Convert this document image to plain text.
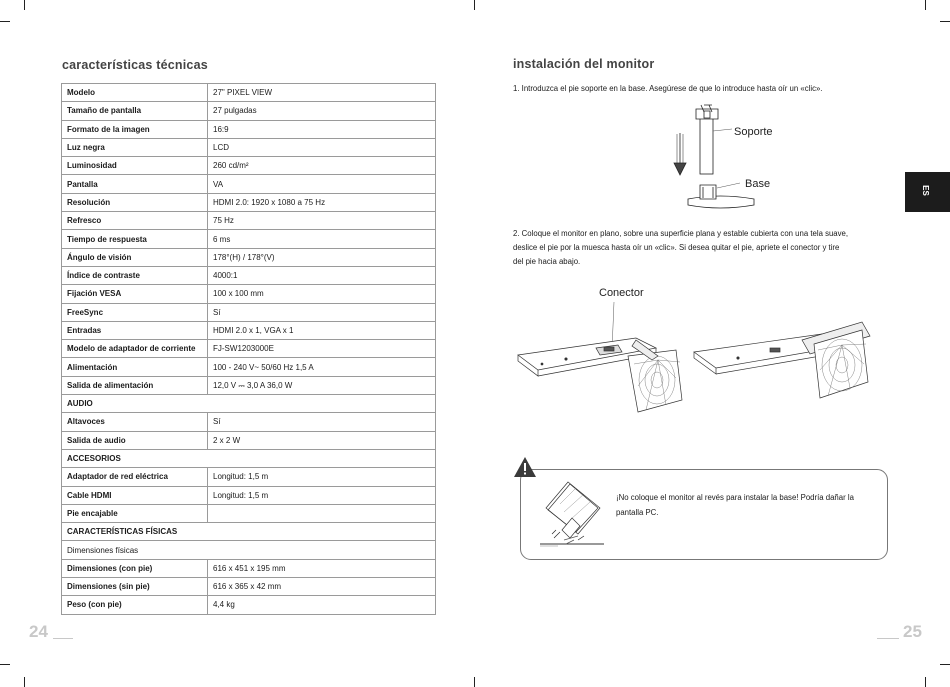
características técnicas
Modelo	27" PIXEL VIEW
Tamaño de pantalla	27 pulgadas
Formato de la imagen	16:9
Luz negra	LCD
Luminosidad	260 cd/m²
Pantalla	VA
Resolución	HDMI 2.0: 1920 x 1080 a 75 Hz
Refresco	75 Hz
Tiempo de respuesta	6 ms
Ángulo de visión	178°(H) / 178°(V)
Índice de contraste	4000:1
Fijación VESA	100 x 100 mm
FreeSync	Sí
Entradas	HDMI 2.0 x 1, VGA x 1
Modelo de adaptador de corriente	FJ-SW1203000E
Alimentación	100 - 240 V~ 50/60 Hz 1,5 A
Salida de alimentación	12,0 V ⎓ 3,0 A 36,0 W
AUDIO	
Altavoces	Sí
Salida de audio	2 x 2 W
ACCESORIOS	
Adaptador de red eléctrica	Longitud: 1,5 m
Cable HDMI	Longitud: 1,5 m
Pie encajable	
CARACTERÍSTICAS FÍSICAS	
Dimensiones físicas	
Dimensiones (con pie)	616 x 451 x 195 mm
Dimensiones (sin pie)	616 x 365 x 42 mm
Peso (con pie)	4,4 kg
24
instalación del monitor
1. Introduzca el pie soporte en la base. Asegúrese de que lo introduce hasta oír un «clic».
Soporte
Base
2. Coloque el monitor en plano, sobre una superficie plana y estable cubierta con una tela suave,
deslice el pie por la muesca hasta oír un «clic». Si desea quitar el pie, apriete el conector y tire
del pie hacia abajo.
Conector
¡No coloque el monitor al revés para instalar la base! Podría dañar la
pantalla PC.
ES
25
